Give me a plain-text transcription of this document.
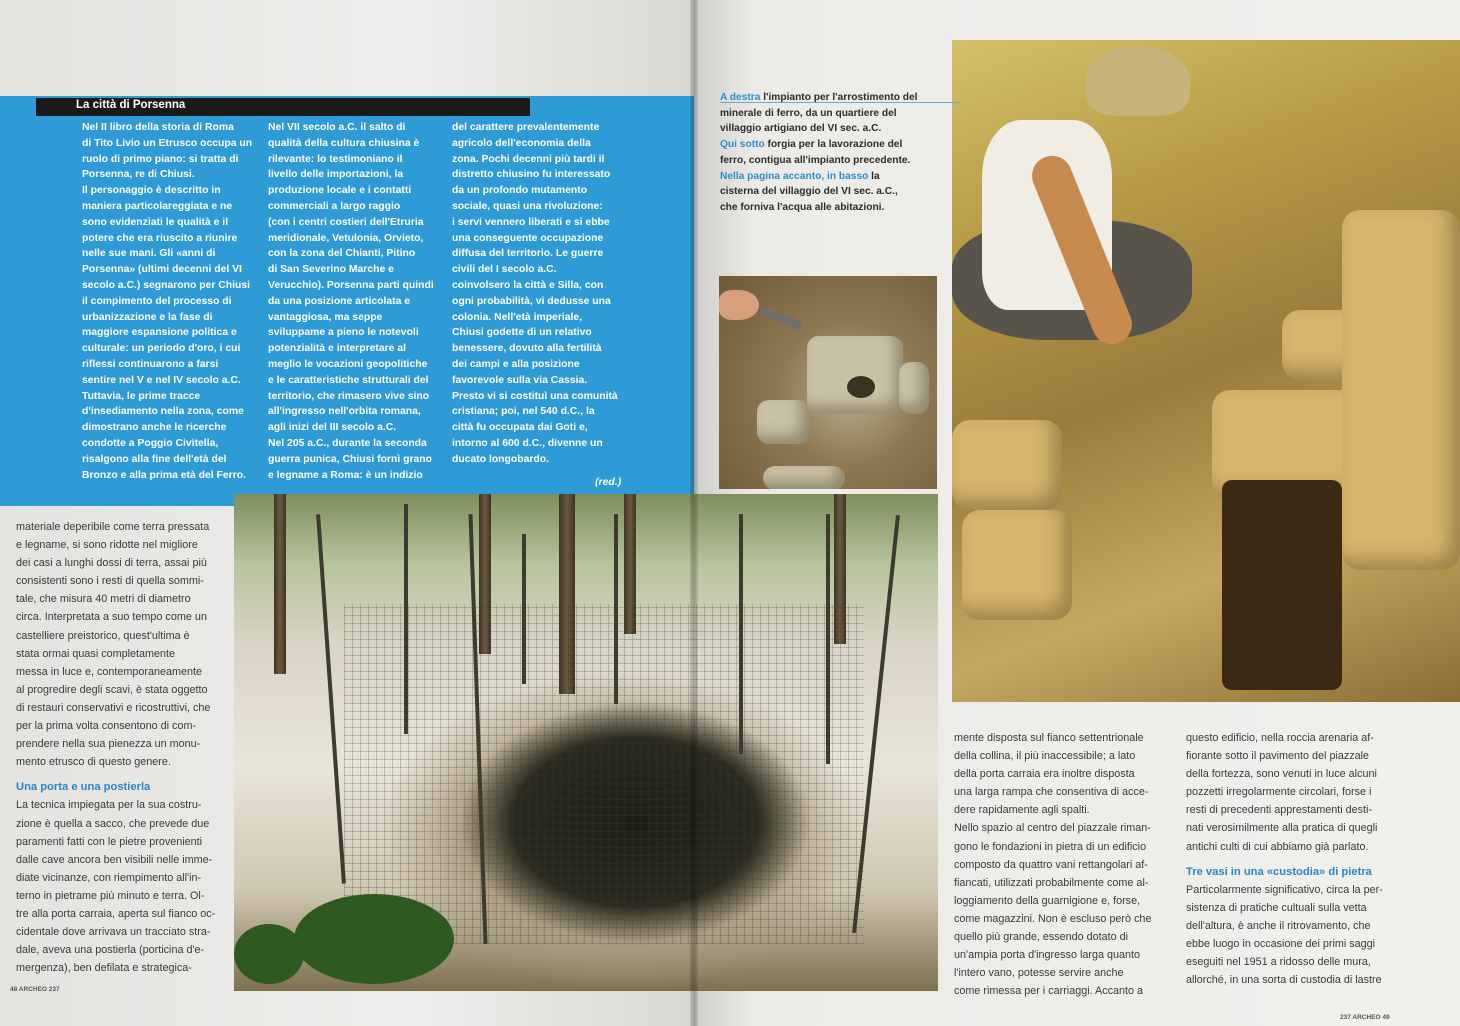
La città di Porsenna
Nel II libro della storia di Roma
di Tito Livio un Etrusco occupa un
ruolo di primo piano: si tratta di
Porsenna, re di Chiusi.
Il personaggio è descritto in
maniera particolareggiata e ne
sono evidenziati le qualità e il
potere che era riuscito a riunire
nelle sue mani. Gli «anni di
Porsenna» (ultimi decenni del VI
secolo a.C.) segnarono per Chiusi
il compimento del processo di
urbanizzazione e la fase di
maggiore espansione politica e
culturale: un periodo d'oro, i cui
riflessi continuarono a farsi
sentire nel V e nel IV secolo a.C.
Tuttavia, le prime tracce
d'insediamento nella zona, come
dimostrano anche le ricerche
condotte a Poggio Civitella,
risalgono alla fine dell'età del
Bronzo e alla prima età del Ferro.
Nel VII secolo a.C. il salto di
qualità della cultura chiusina è
rilevante: lo testimoniano il
livello delle importazioni, la
produzione locale e i contatti
commerciali a largo raggio
(con i centri costieri dell'Etruria
meridionale, Vetulonia, Orvieto,
con la zona del Chianti, Pitino
di San Severino Marche e
Verucchio). Porsenna parti quindi
da una posizione articolata e
vantaggiosa, ma seppe
sviluppame a pieno le notevoli
potenzialità e interpretare al
meglio le vocazioni geopolitiche
e le caratteristiche strutturali del
territorio, che rimasero vive sino
all'ingresso nell'orbita romana,
agli inizi del III secolo a.C.
Nel 205 a.C., durante la seconda
guerra punica, Chiusi fornì grano
e legname a Roma: è un indizio
del carattere prevalentemente
agricolo dell'economia della
zona. Pochi decenni più tardi il
distretto chiusino fu interessato
da un profondo mutamento
sociale, quasi una rivoluzione:
i servi vennero liberati e si ebbe
una conseguente occupazione
diffusa del territorio. Le guerre
civili del I secolo a.C.
coinvolsero la città e Silla, con
ogni probabilità, vi dedusse una
colonia. Nell'età imperiale,
Chiusi godette di un relativo
benessere, dovuto alla fertilità
dei campi e alla posizione
favorevole sulla via Cassia.
Presto vi si costituì una comunità
cristiana; poi, nel 540 d.C., la
città fu occupata dai Goti e,
intorno al 600 d.C., divenne un
ducato longobardo.
(red.)
A destra l'impianto per l'arrostimento del
minerale di ferro, da un quartiere del
villaggio artigiano del VI sec. a.C.
Qui sotto forgia per la lavorazione del
ferro, contigua all'impianto precedente.
Nella pagina accanto, in basso la
cisterna del villaggio del VI sec. a.C.,
che forniva l'acqua alle abitazioni.
materiale deperibile come terra pressata
e legname, si sono ridotte nel migliore
dei casi a lunghi dossi di terra, assai più
consistenti sono i resti di quella sommi-
tale, che misura 40 metri di diametro
circa. Interpretata a suo tempo come un
castelliere preistorico, quest'ultima è
stata ormai quasi completamente
messa in luce e, contemporaneamente
al progredire degli scavi, è stata oggetto
di restauri conservativi e ricostruttivi, che
per la prima volta consentono di com-
prendere nella sua pienezza un monu-
mento etrusco di questo genere.
Una porta e una postierla
La tecnica impiegata per la sua costru-
zione è quella a sacco, che prevede due
paramenti fatti con le pietre provenienti
dalle cave ancora ben visibili nelle imme-
diate vicinanze, con riempimento all'in-
terno in pietrame più minuto e terra. Ol-
tre alla porta carraia, aperta sul fianco oc-
cidentale dove arrivava un tracciato stra-
dale, aveva una postierla (porticina d'e-
mergenza), ben defilata e strategica-
mente disposta sul fianco settentrionale
della collina, il più inaccessibile; a lato
della porta carraia era inoltre disposta
una larga rampa che consentiva di acce-
dere rapidamente agli spalti.
Nello spazio al centro del piazzale riman-
gono le fondazioni in pietra di un edificio
composto da quattro vani rettangolari af-
fiancati, utilizzati probabilmente come al-
loggiamento della guarnigione e, forse,
come magazzini. Non è escluso però che
quello più grande, essendo dotato di
un'ampia porta d'ingresso larga quanto
l'intero vano, potesse servire anche
come rimessa per i carriaggi. Accanto a
questo edificio, nella roccia arenaria af-
fiorante sotto il pavimento del piazzale
della fortezza, sono venuti in luce alcuni
pozzetti irregolarmente circolari, forse i
resti di precedenti apprestamenti desti-
nati verosimilmente alla pratica di quegli
antichi culti di cui abbiamo già parlato.
Tre vasi in una «custodia» di pietra
Particolarmente significativo, circa la per-
sistenza di pratiche cultuali sulla vetta
dell'altura, è anche il ritrovamento, che
ebbe luogo in occasione dei primi saggi
eseguiti nel 1951 a ridosso delle mura,
allorché, in una sorta di custodia di lastre
48 ARCHEO 237
237 ARCHEO 49
